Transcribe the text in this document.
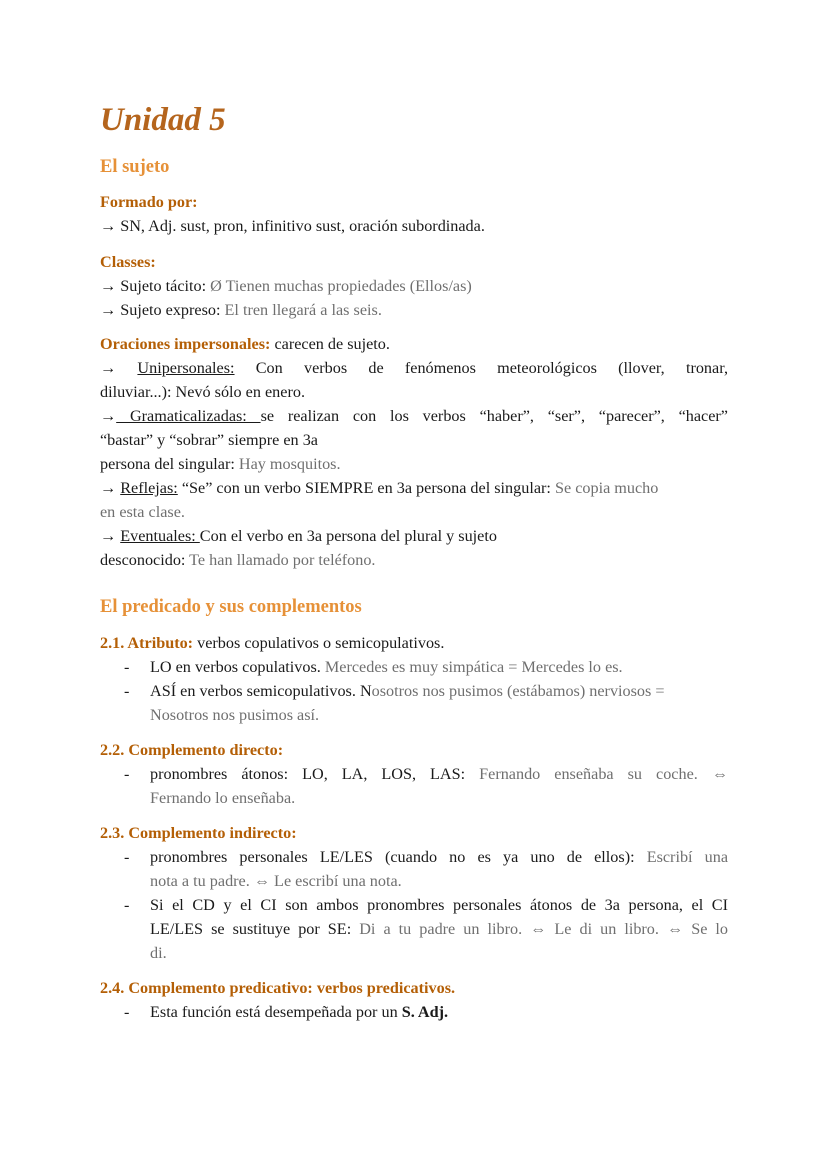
Unidad 5
El sujeto
Formado por:
→ SN, Adj. sust, pron, infinitivo sust, oración subordinada.
Classes:
→ Sujeto tácito: Ø Tienen muchas propiedades (Ellos/as)
→ Sujeto expreso: El tren llegará a las seis.
Oraciones impersonales: carecen de sujeto.
→ Unipersonales: Con verbos de fenómenos meteorológicos (llover, tronar,
diluviar...): Nevó sólo en enero.
→ Gramaticalizadas: se realizan con los verbos “haber”, “ser”, “parecer”, “hacer”
“bastar” y “sobrar” siempre en 3a
persona del singular: Hay mosquitos.
→ Reflejas: “Se” con un verbo SIEMPRE en 3a persona del singular: Se copia mucho
en esta clase.
→ Eventuales: Con el verbo en 3a persona del plural y sujeto
desconocido: Te han llamado por teléfono.
El predicado y sus complementos
2.1. Atributo: verbos copulativos o semicopulativos.
- LO en verbos copulativos. Mercedes es muy simpática = Mercedes lo es.
- ASÍ en verbos semicopulativos. Nosotros nos pusimos (estábamos) nerviosos =
Nosotros nos pusimos así.
2.2. Complemento directo:
- pronombres átonos: LO, LA, LOS, LAS: Fernando enseñaba su coche. ⇔
Fernando lo enseñaba.
2.3. Complemento indirecto:
- pronombres personales LE/LES (cuando no es ya uno de ellos): Escribí una
nota a tu padre. ⇔ Le escribí una nota.
- Si el CD y el CI son ambos pronombres personales átonos de 3a persona, el CI
LE/LES se sustituye por SE: Di a tu padre un libro. ⇔ Le di un libro. ⇔ Se lo
di.
2.4. Complemento predicativo: verbos predicativos.
- Esta función está desempeñada por un S. Adj.
